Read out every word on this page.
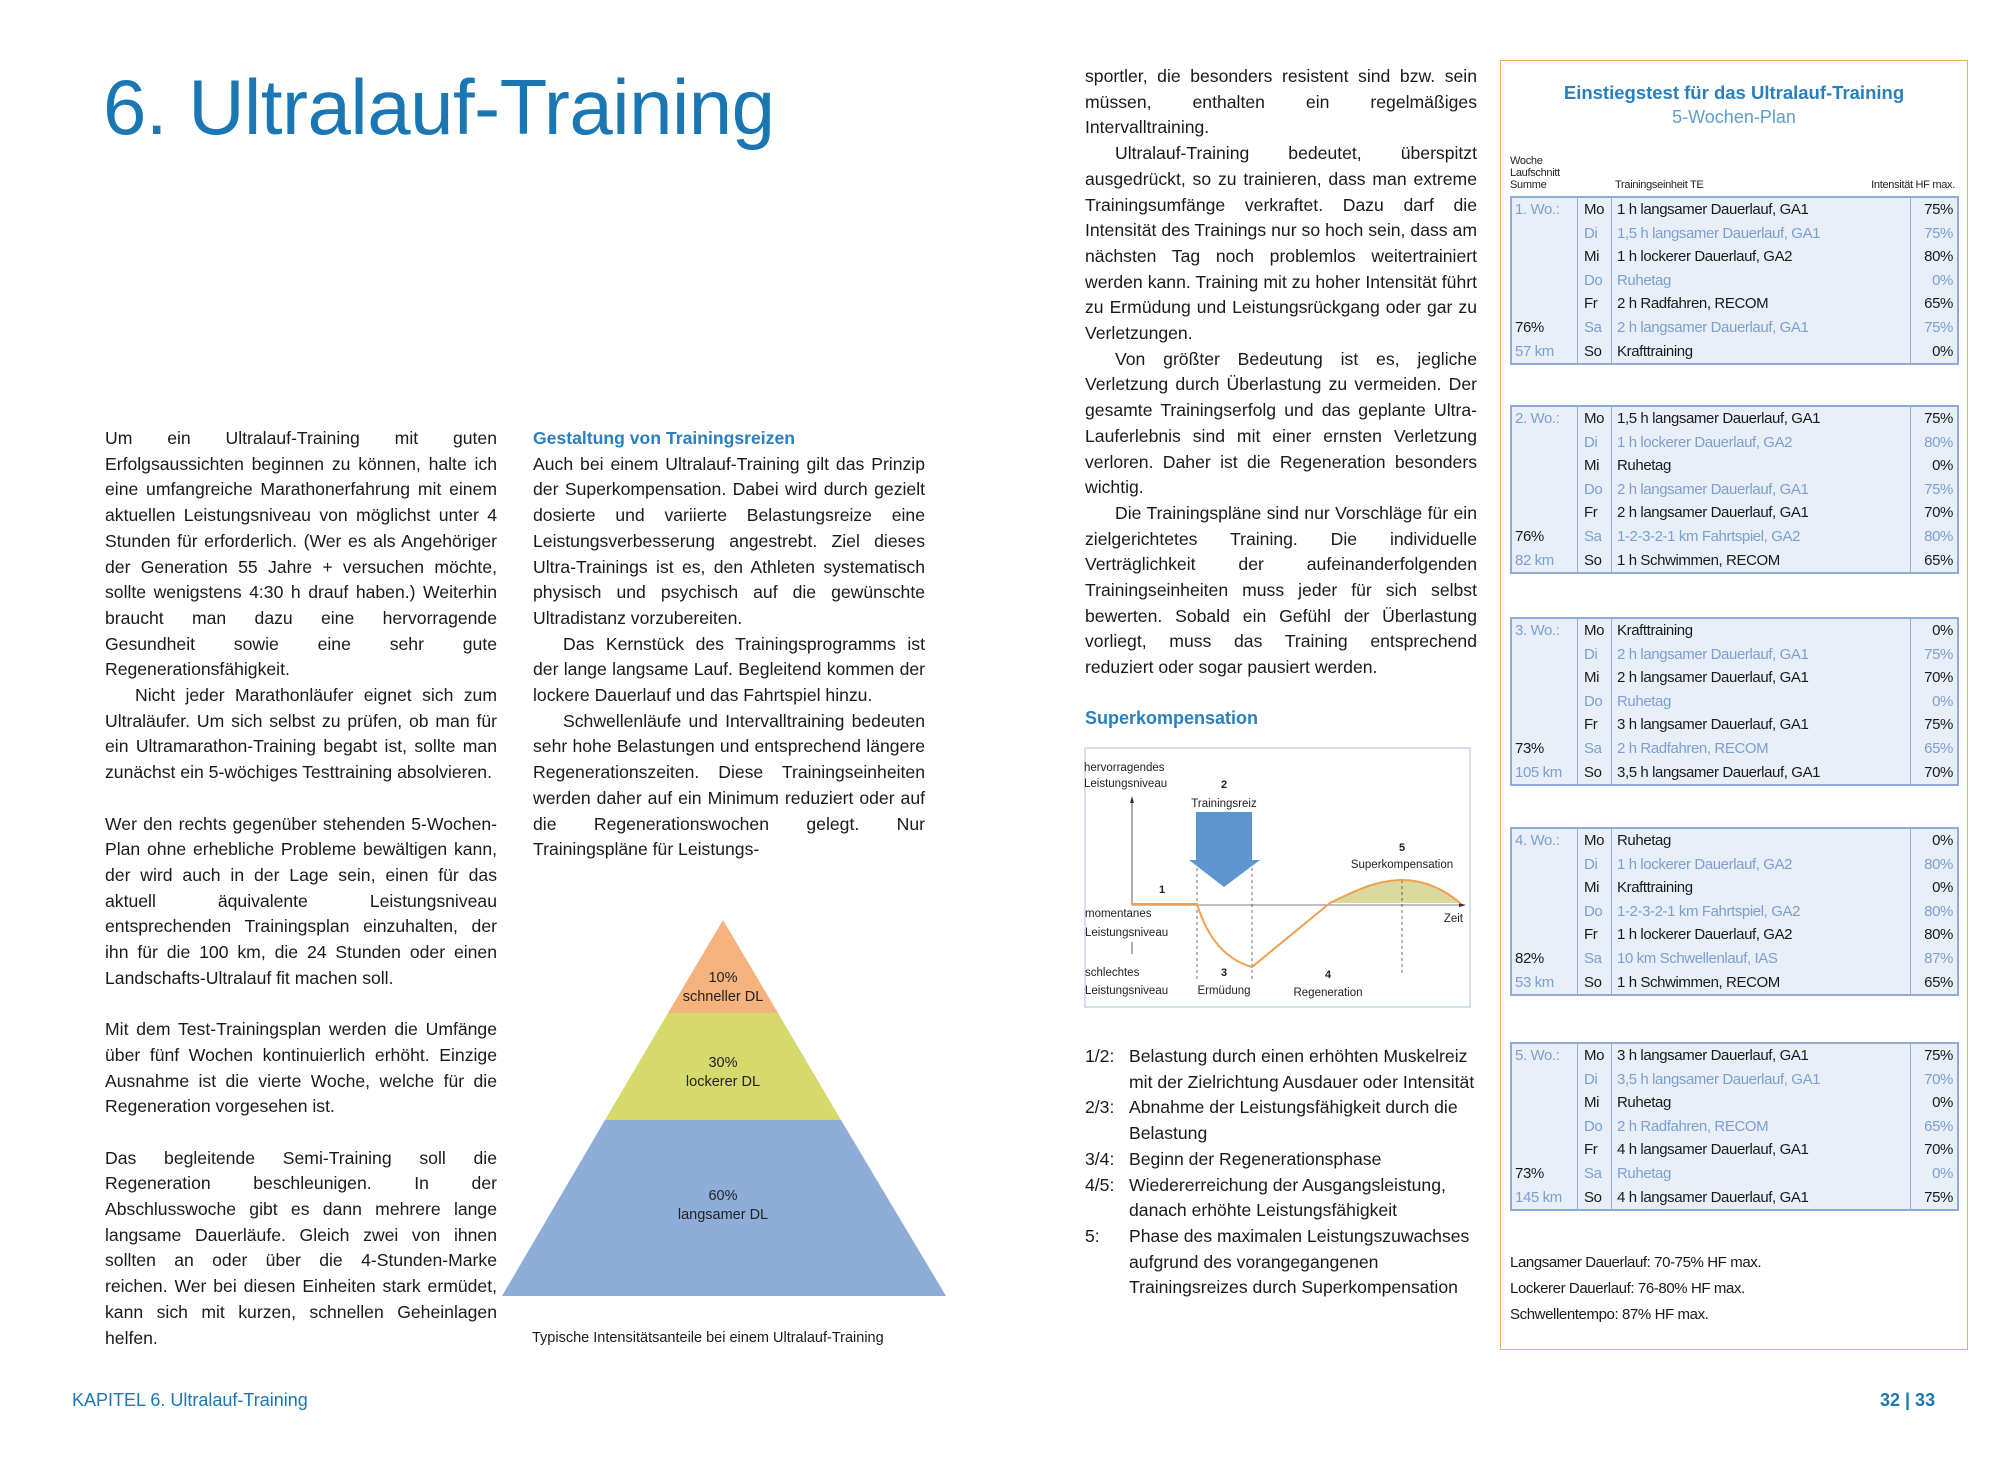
6. Ultralauf-Training

Um ein Ultralauf-Training mit guten Erfolgsaussichten beginnen zu können, halte ich eine umfangreiche Marathonerfahrung mit einem aktuellen Leistungsniveau von möglichst unter 4 Stunden für erforderlich. (Wer es als Angehöriger der Generation 55 Jahre + versuchen möchte, sollte wenigstens 4:30 h drauf haben.) Weiterhin braucht man dazu eine hervorragende Gesundheit sowie eine sehr gute Regenerationsfähigkeit.

Nicht jeder Marathonläufer eignet sich zum Ultraläufer. Um sich selbst zu prüfen, ob man für ein Ultramarathon-Training begabt ist, sollte man zunächst ein 5-wöchiges Testtraining absolvieren.

Wer den rechts gegenüber stehenden 5-Wochen-Plan ohne erhebliche Probleme bewältigen kann, der wird auch in der Lage sein, einen für das aktuell äquivalente Leistungsniveau entsprechenden Trainingsplan einzuhalten, der ihn für die 100 km, die 24 Stunden oder einen Landschafts-Ultralauf fit machen soll.

Mit dem Test-Trainingsplan werden die Umfänge über fünf Wochen kontinuierlich erhöht. Einzige Ausnahme ist die vierte Woche, welche für die Regeneration vorgesehen ist.

Das begleitende Semi-Training soll die Regeneration beschleunigen. In der Abschlusswoche gibt es dann mehrere lange langsame Dauerläufe. Gleich zwei von ihnen sollten an oder über die 4-Stunden-Marke reichen. Wer bei diesen Einheiten stark ermüdet, kann sich mit kurzen, schnellen Geheinlagen helfen.

Gestaltung von Trainingsreizen

Auch bei einem Ultralauf-Training gilt das Prinzip der Superkompensation. Dabei wird durch gezielt dosierte und variierte Belastungsreize eine Leistungsverbesserung angestrebt. Ziel dieses Ultra-Trainings ist es, den Athleten systematisch physisch und psychisch auf die gewünschte Ultradistanz vorzubereiten.

Das Kernstück des Trainingsprogramms ist der lange langsame Lauf. Begleitend kommen der lockere Dauerlauf und das Fahrtspiel hinzu.

Schwellenläufe und Intervalltraining bedeuten sehr hohe Belastungen und entsprechend längere Regenerationszeiten. Diese Trainingseinheiten werden daher auf ein Minimum reduziert oder auf die Regenerationswochen gelegt. Nur Trainingspläne für Leistungs-

10%
schneller DL
30%
lockerer DL
60%
langsamer DL
Typische Intensitätsanteile bei einem Ultralauf-Training

sportler, die besonders resistent sind bzw. sein müssen, enthalten ein regelmäßiges Intervalltraining.

Ultralauf-Training bedeutet, überspitzt ausgedrückt, so zu trainieren, dass man extreme Trainingsumfänge verkraftet. Dazu darf die Intensität des Trainings nur so hoch sein, dass am nächsten Tag noch problemlos weitertrainiert werden kann. Training mit zu hoher Intensität führt zu Ermüdung und Leistungsrückgang oder gar zu Verletzungen.

Von größter Bedeutung ist es, jegliche Verletzung durch Überlastung zu vermeiden. Der gesamte Trainingserfolg und das geplante Ultra-Lauferlebnis sind mit einer ernsten Verletzung verloren. Daher ist die Regeneration besonders wichtig.

Die Trainingspläne sind nur Vorschläge für ein zielgerichtetes Training. Die individuelle Verträglichkeit der aufeinanderfolgenden Trainingseinheiten muss jeder für sich selbst bewerten. Sobald ein Gefühl der Überlastung vorliegt, muss das Training entsprechend reduziert oder sogar pausiert werden.

Superkompensation
hervorragendes
Leistungsniveau
momentanes
Leistungsniveau
schlechtes
Leistungsniveau
1
2
Trainingsreiz
3
Ermüdung
4
Regeneration
5
Superkompensation
Zeit
1/2: Belastung durch einen erhöhten Muskelreiz mit der Zielrichtung Ausdauer oder Intensität
2/3: Abnahme der Leistungsfähigkeit durch die Belastung
3/4: Beginn der Regenerationsphase
4/5: Wiedererreichung der Ausgangsleistung, danach erhöhte Leistungsfähigkeit
5:	Phase des maximalen Leistungszuwachses aufgrund des vorangegangenen Trainingsreizes durch Superkompensation
Einstiegstest für das Ultralauf-Training
5-Wochen-Plan
Woche
Laufschnitt
Summe	Trainingseinheit TE	Intensität HF max.
1. Wo.:	Mo 1 h langsamer Dauerlauf, GA1	75%
Di	1,5 h langsamer Dauerlauf, GA1	75%
Mi	1 h lockerer Dauerlauf, GA2	80%
Do Ruhetag	0%
Fr	2 h Radfahren, RECOM	65%
76%	Sa	2 h langsamer Dauerlauf, GA1	75%
57 km	So	Krafttraining	0%
2. Wo.:	Mo 1,5 h langsamer Dauerlauf, GA1	75%
Di	1 h lockerer Dauerlauf, GA2	80%
Mi	Ruhetag	0%
Do 2 h langsamer Dauerlauf, GA1	75%
Fr	2 h langsamer Dauerlauf, GA1	70%
76%	Sa	1-2-3-2-1 km Fahrtspiel, GA2	80%
82 km	So	1 h Schwimmen, RECOM	65%
3. Wo.:	Mo Krafttraining	0%
Di	2 h langsamer Dauerlauf, GA1	75%
Mi	2 h langsamer Dauerlauf, GA1	70%
Do Ruhetag	0%
Fr	3 h langsamer Dauerlauf, GA1	75%
73%	Sa	2 h Radfahren, RECOM	65%
105 km	So	3,5 h langsamer Dauerlauf, GA1	70%
4. Wo.:	Mo Ruhetag	0%
Di	1 h lockerer Dauerlauf, GA2	80%
Mi	Krafttraining	0%
Do 1-2-3-2-1 km Fahrtspiel, GA2	80%
Fr	1 h lockerer Dauerlauf, GA2	80%
82%	Sa	10 km Schwellenlauf, IAS	87%
53 km	So	1 h Schwimmen, RECOM	65%
5. Wo.:	Mo 3 h langsamer Dauerlauf, GA1	75%
Di	3,5 h langsamer Dauerlauf, GA1	70%
Mi	Ruhetag	0%
Do 2 h Radfahren, RECOM	65%
Fr	4 h langsamer Dauerlauf, GA1	70%
73%	Sa	Ruhetag	0%
145 km	So	4 h langsamer Dauerlauf, GA1	75%
Langsamer Dauerlauf: 70-75% HF max.
Lockerer Dauerlauf: 76-80% HF max.
Schwellentempo: 87% HF max.
KAPITEL 6. Ultralauf-Training	32 | 33
